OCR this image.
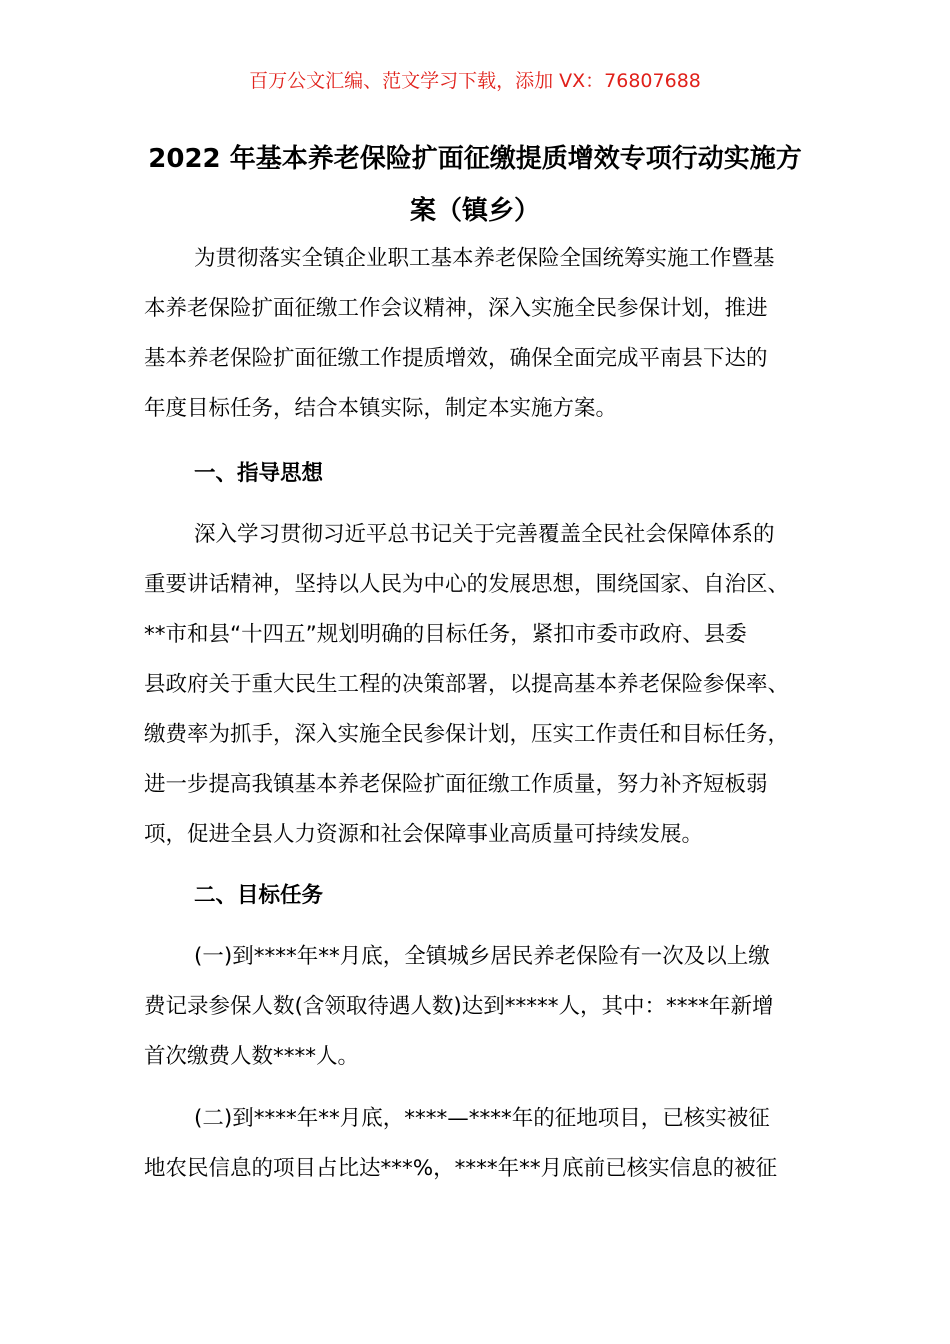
百万公文汇编、范文学习下载，添加 VX：76807688
2022 年基本养老保险扩面征缴提质增效专项行动实施方
案（镇乡）
为贯彻落实全镇企业职工基本养老保险全国统筹实施工作暨基
本养老保险扩面征缴工作会议精神，深入实施全民参保计划，推进
基本养老保险扩面征缴工作提质增效，确保全面完成平南县下达的
年度目标任务，结合本镇实际，制定本实施方案。
一、指导思想
深入学习贯彻习近平总书记关于完善覆盖全民社会保障体系的
重要讲话精神，坚持以人民为中心的发展思想，围绕国家、自治区、
**市和县“十四五”规划明确的目标任务，紧扣市委市政府、县委
县政府关于重大民生工程的决策部署，以提高基本养老保险参保率、
缴费率为抓手，深入实施全民参保计划，压实工作责任和目标任务，
进一步提高我镇基本养老保险扩面征缴工作质量，努力补齐短板弱
项，促进全县人力资源和社会保障事业高质量可持续发展。
二、目标任务
(一)到****年**月底，全镇城乡居民养老保险有一次及以上缴
费记录参保人数(含领取待遇人数)达到*****人，其中：****年新增
首次缴费人数****人。
(二)到****年**月底，****—****年的征地项目，已核实被征
地农民信息的项目占比达***%，****年**月底前已核实信息的被征
